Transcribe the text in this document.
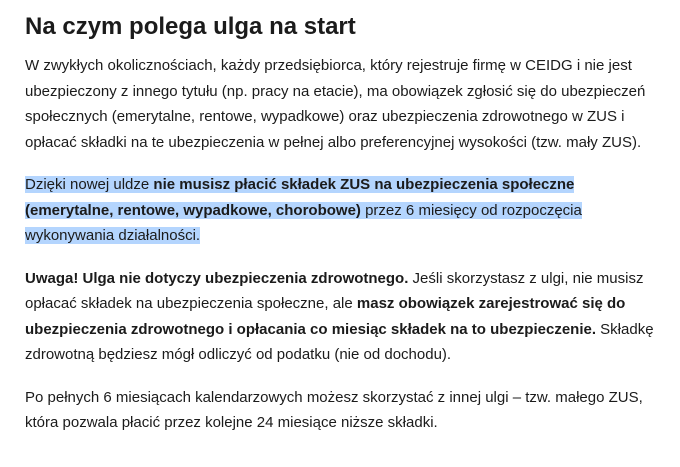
Na czym polega ulga na start

W zwykłych okolicznościach, każdy przedsiębiorca, który rejestruje firmę w CEIDG i nie jest ubezpieczony z innego tytułu (np. pracy na etacie), ma obowiązek zgłosić się do ubezpieczeń społecznych (emerytalne, rentowe, wypadkowe) oraz ubezpieczenia zdrowotnego w ZUS i opłacać składki na te ubezpieczenia w pełnej albo preferencyjnej wysokości (tzw. mały ZUS).

Dzięki nowej uldze nie musisz płacić składek ZUS na ubezpieczenia społeczne (emerytalne, rentowe, wypadkowe, chorobowe) przez 6 miesięcy od rozpoczęcia wykonywania działalności.

Uwaga! Ulga nie dotyczy ubezpieczenia zdrowotnego. Jeśli skorzystasz z ulgi, nie musisz opłacać składek na ubezpieczenia społeczne, ale masz obowiązek zarejestrować się do ubezpieczenia zdrowotnego i opłacania co miesiąc składek na to ubezpieczenie. Składkę zdrowotną będziesz mógł odliczyć od podatku (nie od dochodu).

Po pełnych 6 miesiącach kalendarzowych możesz skorzystać z innej ulgi – tzw. małego ZUS, która pozwala płacić przez kolejne 24 miesiące niższe składki.
